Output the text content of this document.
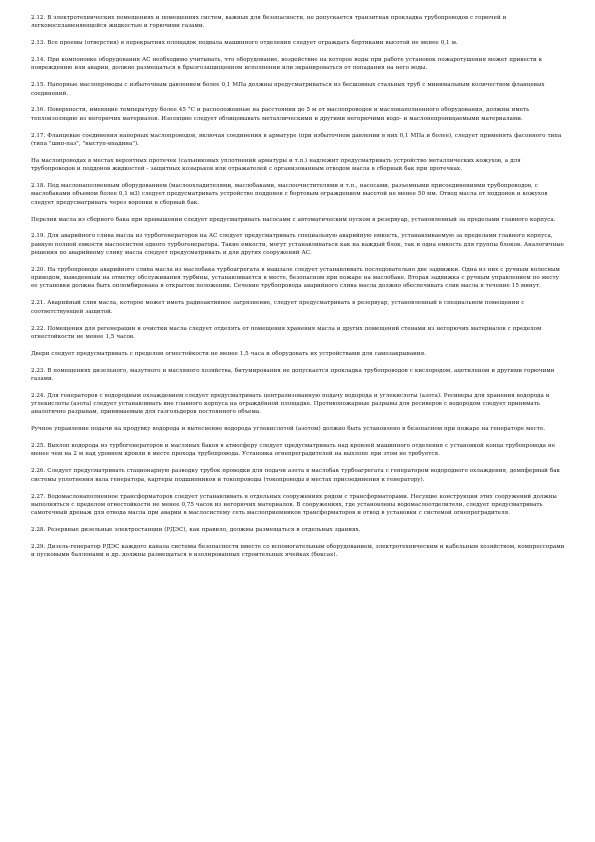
2.12. В электротехнических помещениях и помещениях систем, важных для безопасности, не допускается транзитная прокладка трубопроводов с горючей и легковоспламеняющейся жидкостью и горючими газами.

2.13. Все проемы (отверстия) в перекрытиях площадок подвала машинного отделения следует ограждать бортиками высотой не менее 0,1 м.

2.14. При компоновке оборудования АС необходимо учитывать, что оборудование, воздействие на которое воды при работе установок пожаротушения может привести к повреждению или аварии, должно размещаться в брызгозащищенном исполнении или экранироваться от попадания на него воды.

2.15. Напорные маслопроводы с избыточным давлением более 0,1 МПа должны предусматриваться из бесшовных стальных труб с минимальным количеством фланцевых соединений.

2.16. Поверхности, имеющие температуру более 45 °С и расположенные на расстоянии до 5 м от маслопроводов и маслонаполненного оборудования, должны иметь теплоизоляцию из негорючих материалов. Изоляцию следует облицовывать металлическими и другими негорючими водо- и маслонепроницаемыми материалами.

2.17. Фланцевые соединения напорных маслопроводов, включая соединения в арматуре (при избыточном давлении в них 0,1 МПа и более), следует применять фасонного типа (типа "шип-паз", "выступ-впадина").

На маслопроводах в местах вероятных протечек (сальниковых уплотнений арматуры и т.п.) надлежит предусматривать устройство металлических кожухов, а для трубопроводов и поддонов жидкостей - защитных козырьков или отражателей с организованным отводом масла в сборный бак при протечках.

2.18. Под маслонаполненным оборудованием (маслоохладителями, маслобаками, маслоочистителями и т.п., насосами, разъемными присоединениями трубопроводов, с маслобаками объемом более 0,1 м3) следует предусматривать устройство поддонов с бортовым ограждением высотой не менее 50 мм. Отвод масла от поддонов и кожухов следует предусматривать через воронки в сборный бак.

Перелив масла из сборного бака при превышении следует предусматривать насосами с автоматическим пуском в резервуар, установленный за пределами главного корпуса.

2.19. Для аварийного слива масла из турбогенераторов на АС следует предусматривать специальную аварийную емкость, устанавливаемую за пределами главного корпуса, равную полной емкости маслосистем одного турбогенератора. Такие емкости, могут устанавливаться как на каждый блок, так и одна емкость для группы блоков. Аналогичные решения по аварийному сливу масла следует предусматривать и для других сооружений АС.

2.20. На трубопроводе аварийного слива масла из маслобака турбоагрегата в машзале следует устанавливать последовательно две задвижки. Одна из них с ручным колесным приводом, выведенным на отметку обслуживания турбины, устанавливается в месте, безопасном при пожаре на маслобаке. Вторая задвижка с ручным управлением по месту ее установки должна быть опломбирована в открытом положении. Сечение трубопровода аварийного слива масла должно обеспечивать слив масла в течение 15 минут.

2.21. Аварийный слив масла, которое может иметь радиоактивное загрязнение, следует предусматривать в резервуар, установленный в специальном помещении с соответствующей защитой.

2.22. Помещения для регенерации и очистки масла следует отделять от помещения хранения масла и других помещений стенами из негорючих материалов с пределом огнестойкости не менее 1,5 часов.

Двери следует предусматривать с пределом огнестойкости не менее 1,5 часа и оборудовать их устройствами для самозакрывания.

2.23. В помещениях дизельного, мазутного и масляного хозяйства, битумирования не допускается прокладка трубопроводов с кислородом, ацетиленом и другими горючими газами.

2.24. Для генераторов с водородным охлаждением следует предусматривать централизованную подачу водорода и углекислоты (азота). Ресиверы для хранения водорода и углекислоты (азота) следует устанавливать вне главного корпуса на ограждённой площадке. Противопожарные разрывы для ресиверов с водородом следует принимать аналогично разрывам, принимаемым для газгольдеров постоянного объема.

Ручное управление подачи на продувку водорода и вытеснение водорода углекислотой (азотом) должно быть установлено в безопасном при пожаре на генераторе месте.

2.25. Выхлоп водорода из турбогенераторов и масляных баков в атмосферу следует предусматривать над кровлей машинного отделения с установкой конца трубопровода не менее чем на 2 м над уровнем кровли в месте прохода трубопровода. Установка огнепреградителей на выхлопе при этом не требуется.

2.26. Следует предусматривать стационарную разводку трубок проводки для подачи азота в маслобак турбоагрегата с генератором водородного охлаждения, демпферный бак системы уплотнения вала генератора, картеры подшипников и токопроводы (токопроводы в местах присоединения к генератору).

2.27. Водомаслонаполненное трансформаторов следует устанавливать в отдельных сооружениях рядом с трансформаторами. Несущие конструкции этих сооружений должны выполняться с пределом огнестойкости не менее 0,75 часов из негорючих материалов. В сооружениях, где установлены водомаслоотделители, следует предусматривать самотечный дренаж для отвода масла при аварии в маслосистему сеть маслоприемников трансформаторов и отвод в установки с системой огнепреградителя.

2.28. Резервные дизельные электростанции (РДЭС), как правило, должны размещаться в отдельных зданиях.

2.29. Дизель-генератор РДЭС каждого канала системы безопасности вместе со вспомогательным оборудованием, электротехническим и кабельным хозяйством, компрессорами и пусковыми баллонами и др. должны размещаться в изолированных строительных ячейках (боксах).
